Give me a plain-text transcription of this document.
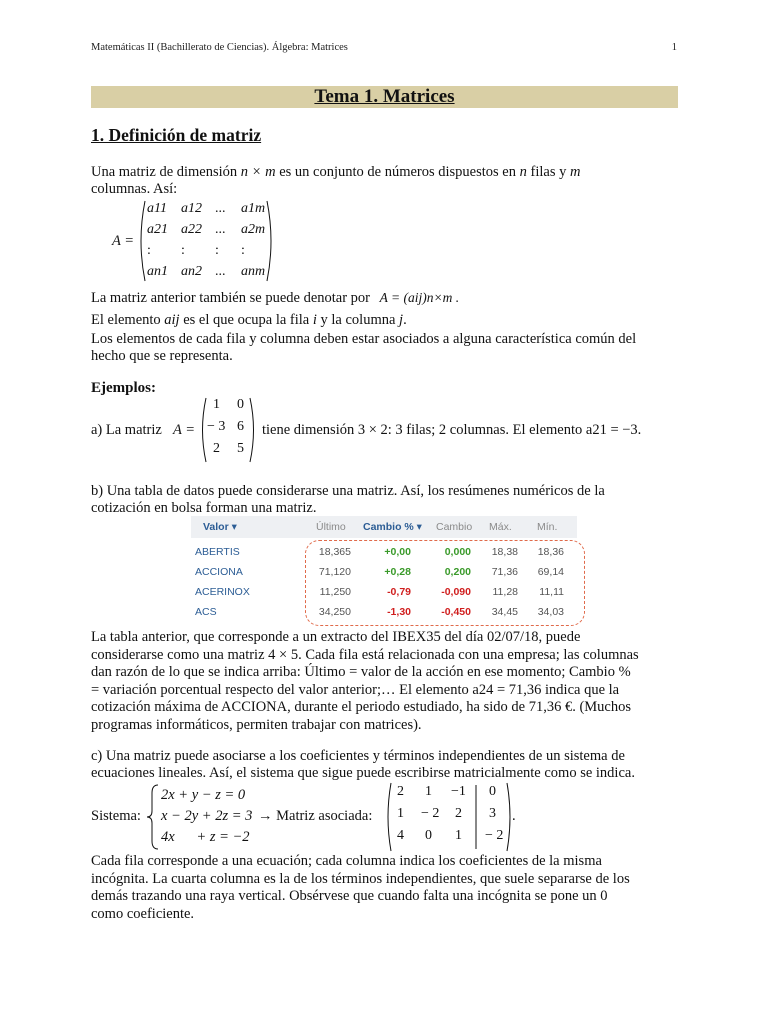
Matemáticas II (Bachillerato de Ciencias). Álgebra: Matrices	1
Tema 1. Matrices
1. Definición de matriz
Una matriz de dimensión n × m es un conjunto de números dispuestos en n filas y m
columnas. Así:
A =
a11 a12 ... a1m
a21 a22 ... a2m
: : : :
an1 an2 ... anm
La matriz anterior también se puede denotar por A = (aij)n×m .
El elemento aij es el que ocupa la fila i y la columna j.
Los elementos de cada fila y columna deben estar asociados a alguna característica común del
hecho que se representa.
Ejemplos:
a) La matriz A =
1 0
− 3 6
2 5
tiene dimensión 3 × 2: 3 filas; 2 columnas. El elemento a21 = −3.
b) Una tabla de datos puede considerarse una matriz. Así, los resúmenes numéricos de la
cotización en bolsa forman una matriz.
Valor ▾	Último Cambio % ▾ Cambio Máx. Mín.
ABERTIS	18,365	+0,00	0,000 18,38 18,36
ACCIONA	71,120	+0,28	0,200 71,36 69,14
ACERINOX	11,250	-0,79	-0,090 11,28 11,11
ACS	34,250	-1,30	-0,450 34,45 34,03
La tabla anterior, que corresponde a un extracto del IBEX35 del día 02/07/18, puede
considerarse como una matriz 4 × 5. Cada fila está relacionada con una empresa; las columnas
dan razón de lo que se indica arriba: Último = valor de la acción en ese momento; Cambio %
= variación porcentual respecto del valor anterior;… El elemento a24 = 71,36 indica que la
cotización máxima de ACCIONA, durante el periodo estudiado, ha sido de 71,36 €. (Muchos
programas informáticos, permiten trabajar con matrices).
c) Una matriz puede asociarse a los coeficientes y términos independientes de un sistema de
ecuaciones lineales. Así, el sistema que sigue puede escribirse matricialmente como se indica.
Sistema:
2x + y − z = 0
x − 2y + 2z = 3
4x      + z = −2
→ Matriz asociada:
2 1 −1 0
1 − 2 2 3
4 0 1 − 2
.
Cada fila corresponde a una ecuación; cada columna indica los coeficientes de la misma
incógnita. La cuarta columna es la de los términos independientes, que suele separarse de los
demás trazando una raya vertical. Obsérvese que cuando falta una incógnita se pone un 0
como coeficiente.
